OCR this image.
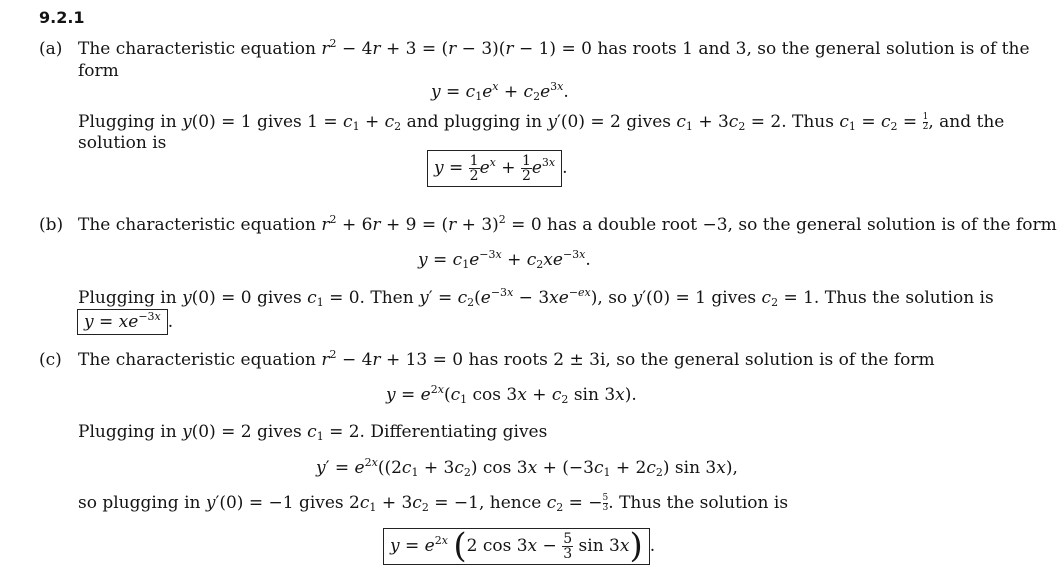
9.2.1
(a) The characteristic equation $r^2 - 4r + 3 = (r - 3)(r - 1) = 0$ has roots 1 and 3, so the general solution is of the
form
$y = c_1e^x + c_2e^{3x}$.
Plugging in y(0) = 1 gives $1 = c_1 + c_2$ and plugging in y′(0) = 2 gives $c_1 + 3c_2 = 2$. Thus $c_1 = c_2 = \frac{1}{2}$ , and the
solution is
$y = \frac{1}{2} e^x + \frac{1}{2} e^{3x}$ .
(b) The characteristic equation $r^2 + 6r + 9 = (r + 3)^2 = 0$ has a double root −3, so the general solution is of the form
$y = c_1e^{-3x} + c_2xe^{-3x}$.
Plugging in y(0) = 0 gives $c_1 = 0$. Then $y' = c_2(e^{-3x} - 3xe^{-ex})$, so y′(0) = 1 gives $c_2 = 1$. Thus the solution is
$y = xe^{-3x}$ .
(c) The characteristic equation $r^2 - 4r + 13 = 0$ has roots 2 ± 3i, so the general solution is of the form
$y = e^{2x}(c_1$ $\cos 3x + c_2$ sin 3x).
Plugging in y(0) = 2 gives $c_1 = 2$. Differentiating gives
$y' = e^{2x}((2c_1 + 3c_2)$ $\cos 3x + (-3c_1 + 2c_2)$ sin 3x),
so plugging in y′(0) = −1 gives $2c_1 + 3c_2 = -1$, hence $c_2$ = − $\frac{5}{3}$ . Thus the solution is
$y = e^{2x}$ (2 $\cos 3x - \frac{5}{3}$ sin 3x) .
